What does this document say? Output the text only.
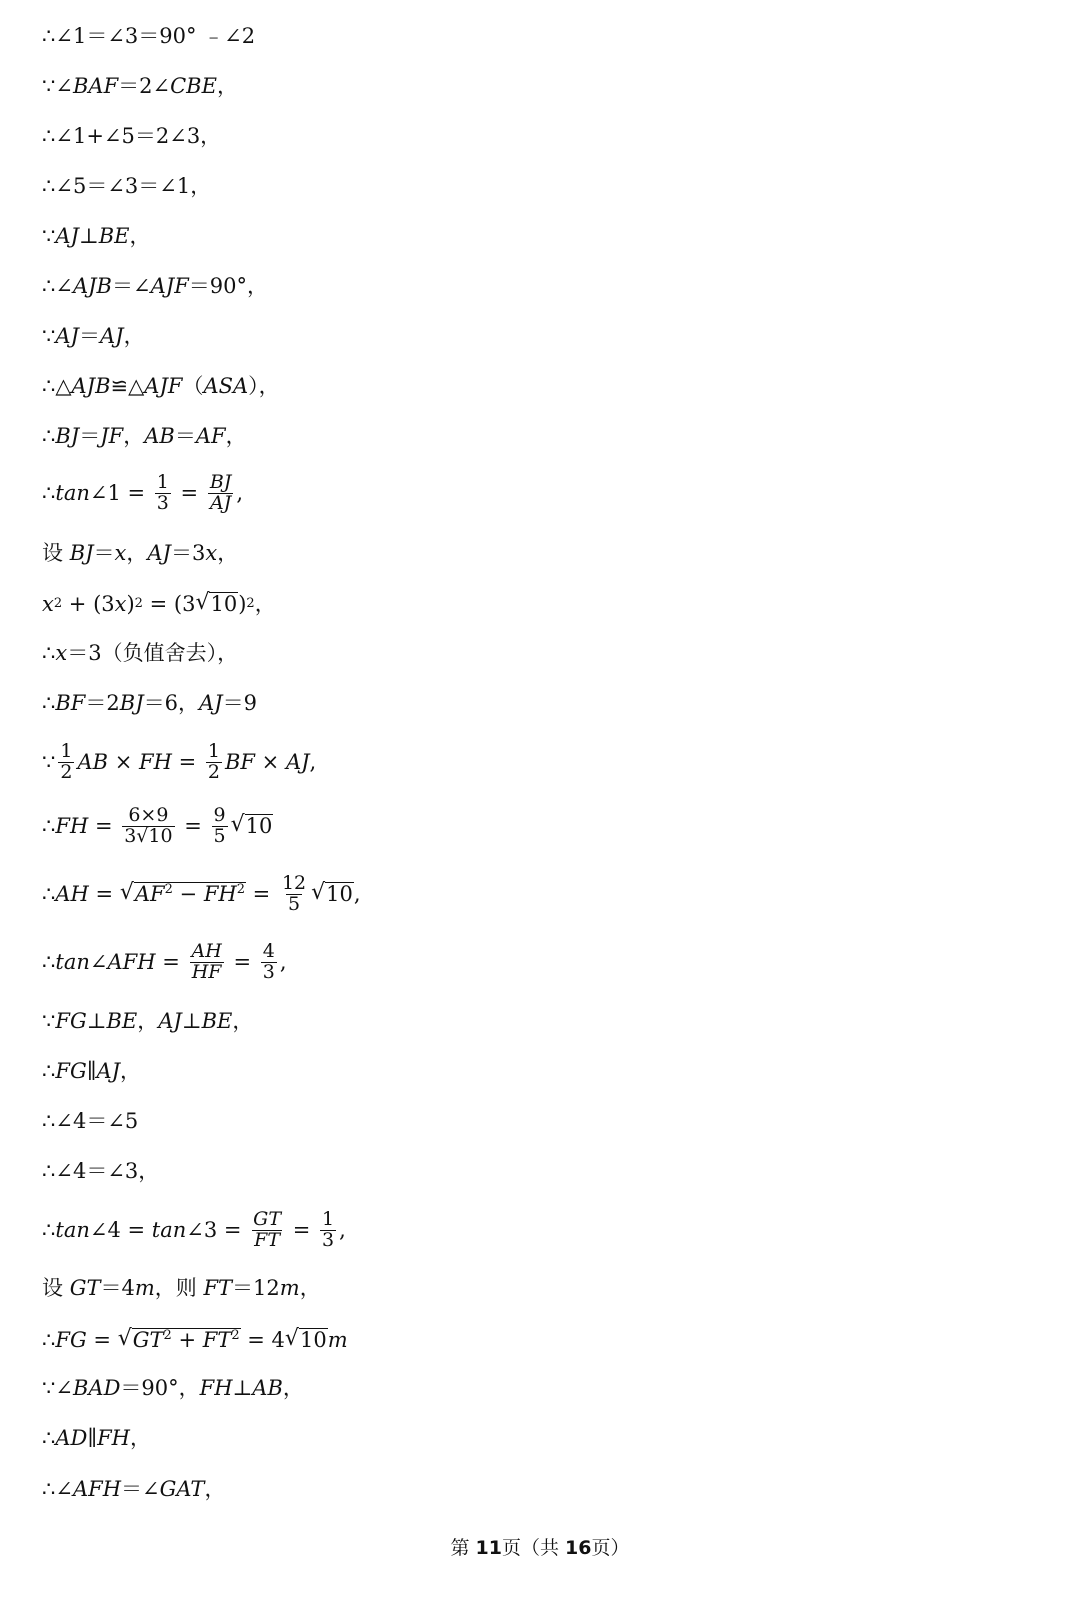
∴∠1＝∠3＝90° ﹣∠2
∵∠ BAF ＝2∠ CBE ，
∴∠1+∠5＝2∠3，
∴∠5＝∠3＝∠1，
∵ AJ ⊥ BE ，
∴∠ AJB ＝∠ AJF ＝90°，
∵ AJ ＝ AJ ，
∴△ AJB ≌△ AJF （ ASA ），
∴ BJ ＝ JF ， AB ＝ AF ，
∴ tan ∠1 = $\frac{1}{3} = \frac{BJ}{AJ}$ ,
设 BJ ＝ x ， AJ ＝3 x ，
x 2 + (3 x ) 2 = (3 √ 10 ) 2 ，
∴ x ＝3（负值舍去），
∴ BF ＝2 BJ ＝6， AJ ＝9
∵ $\frac{1}{2}$ AB × FH = $\frac{1}{2}$ BF × AJ ,
∴ FH = $\frac{6\times 9}{3√10} = \frac{9}{5}$ √ 10
∴ AH = √ $AF^2 - FH^2 = \frac{12}{5}$ √ 10 ,
∴ tan∠AFH = $\frac{AH}{HF} = \frac{4}{3}$ ,
∵ FG ⊥ BE ， AJ ⊥ BE ，
∴ FG ∥ AJ ，
∴∠4＝∠5
∴∠4＝∠3，
∴ tan ∠4 = tan ∠3 = $\frac{GT}{FT} = \frac{1}{3}$ ,
设 GT ＝4 m ，则 FT ＝12 m ，
∴ FG = √ $GT^2 + FT^2 = 4$ √ 10 m
∵∠ BAD ＝90°， FH ⊥ AB ，
∴ AD ∥ FH ，
∴∠ AFH ＝∠ GAT ，
第 11页（共 16页）
